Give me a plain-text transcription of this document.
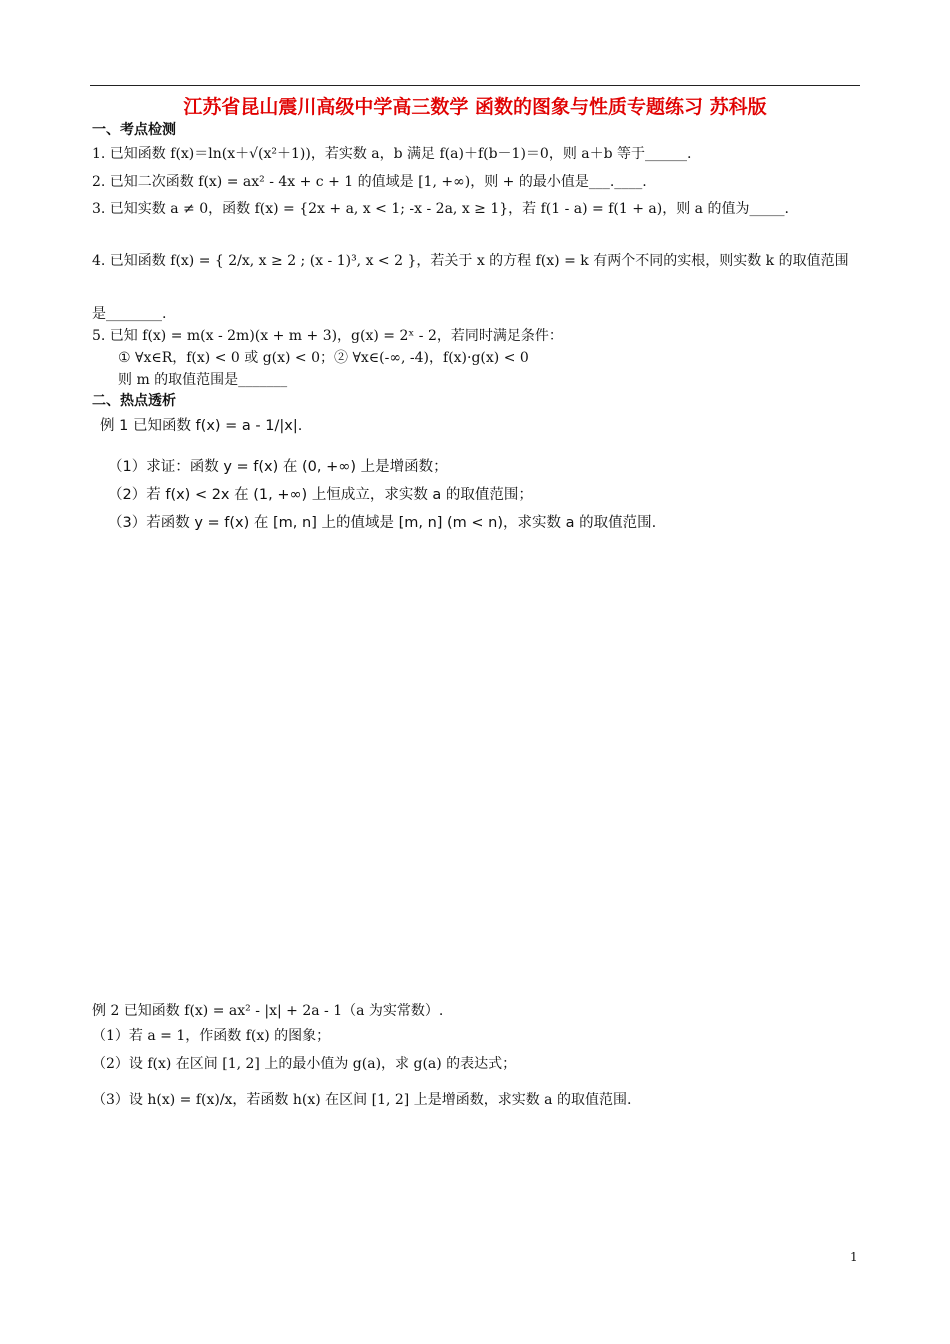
江苏省昆山震川高级中学高三数学 函数的图象与性质专题练习 苏科版
一、考点检测
1. 已知函数 f(x)＝ln(x＋√(x²＋1))，若实数 a，b 满足 f(a)＋f(b－1)＝0，则 a＋b 等于______.
2. 已知二次函数 f(x) = ax² - 4x + c + 1 的值域是 [1, +∞)，则 + 的最小值是___.____.
3. 已知实数 a ≠ 0，函数 f(x) = {2x + a, x < 1; -x - 2a, x ≥ 1}，若 f(1 - a) = f(1 + a)，则 a 的值为_____.
4. 已知函数 f(x) = { 2/x, x ≥ 2 ; (x - 1)³, x < 2 }，若关于 x 的方程 f(x) = k 有两个不同的实根，则实数 k 的取值范围
是________.
5. 已知 f(x) = m(x - 2m)(x + m + 3)，g(x) = 2ˣ - 2，若同时满足条件：
① ∀x∈R，f(x) < 0 或 g(x) < 0；② ∀x∈(-∞, -4)，f(x)·g(x) < 0
则 m 的取值范围是_______
二、热点透析
例 1 已知函数 f(x) = a - 1/|x|.
（1）求证：函数 y = f(x) 在 (0, +∞) 上是增函数；
（2）若 f(x) < 2x 在 (1, +∞) 上恒成立，求实数 a 的取值范围；
（3）若函数 y = f(x) 在 [m, n] 上的值域是 [m, n] (m < n)，求实数 a 的取值范围.
例 2 已知函数 f(x) = ax² - |x| + 2a - 1（a 为实常数）.
（1）若 a = 1，作函数 f(x) 的图象；
（2）设 f(x) 在区间 [1, 2] 上的最小值为 g(a)，求 g(a) 的表达式；
（3）设 h(x) = f(x)/x，若函数 h(x) 在区间 [1, 2] 上是增函数，求实数 a 的取值范围.
1
